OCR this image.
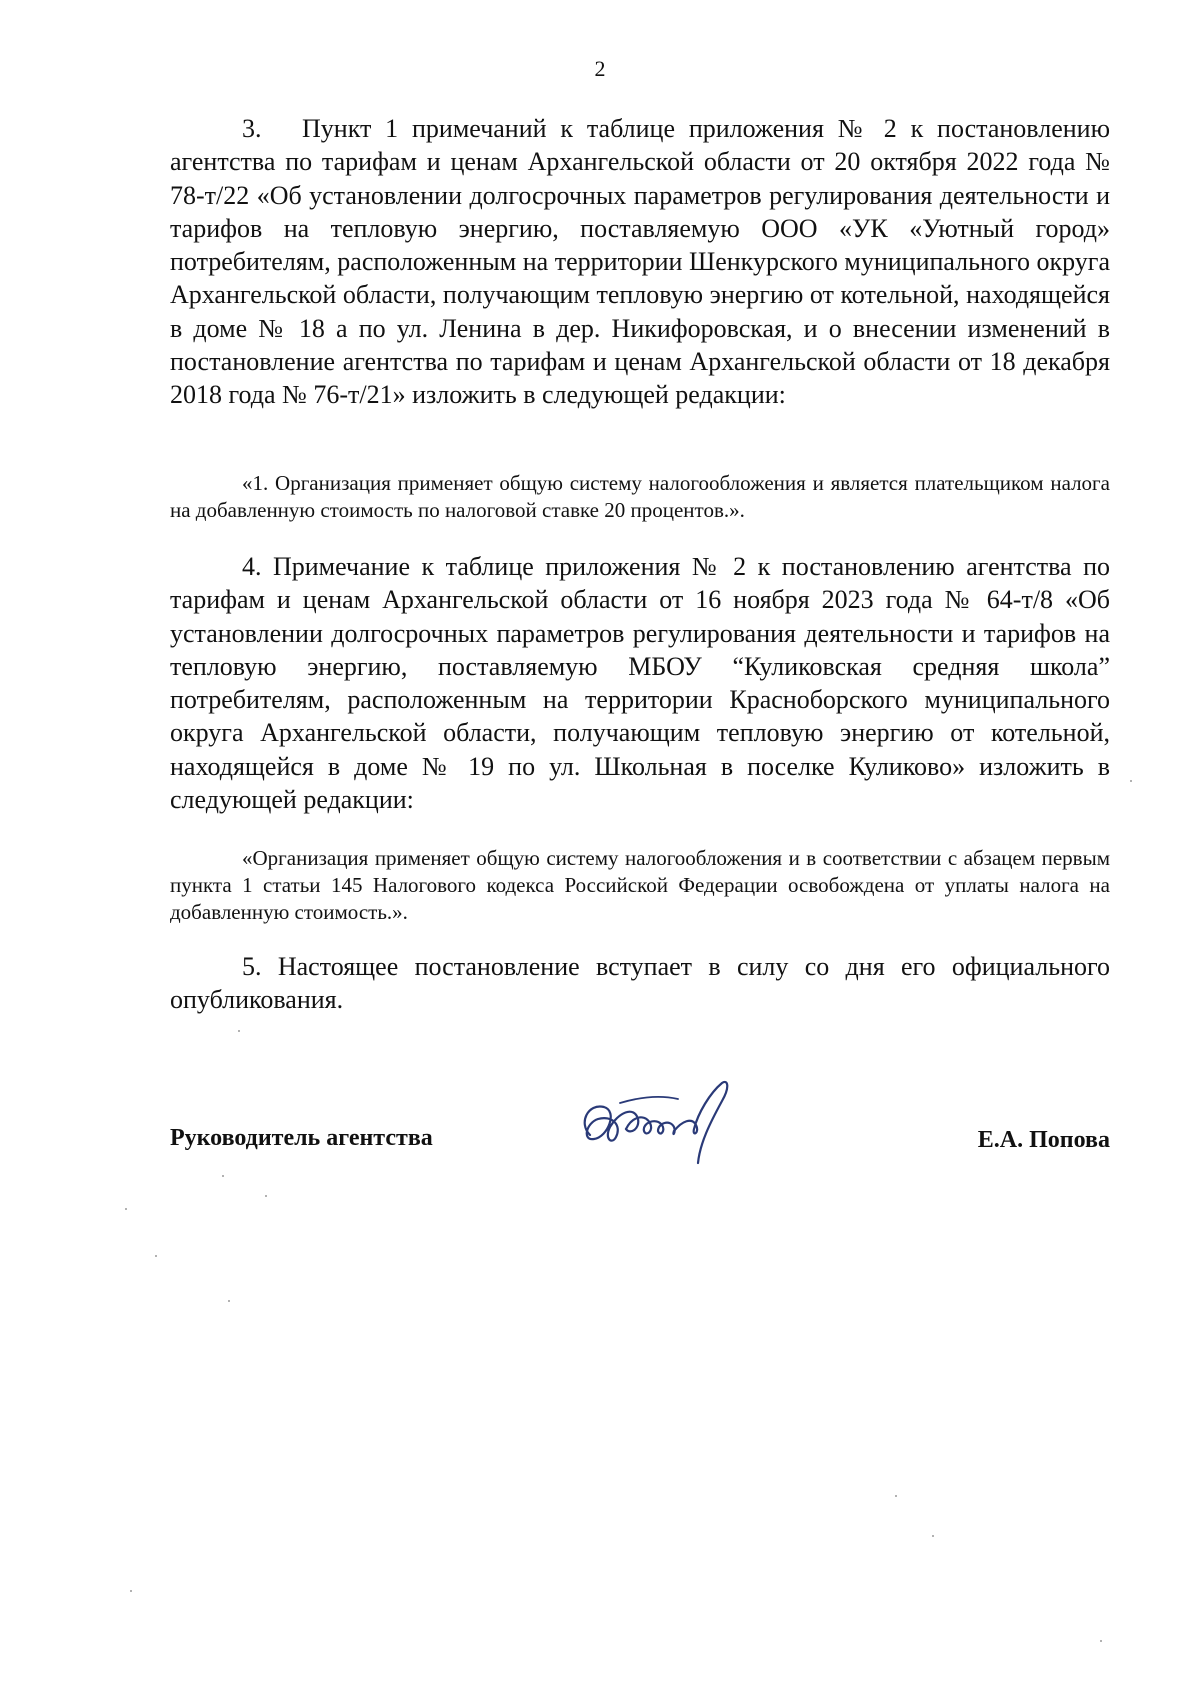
2
3. Пункт 1 примечаний к таблице приложения № 2 к постановлению агентства по тарифам и ценам Архангельской области от 20 октября 2022 года № 78-т/22 «Об установлении долгосрочных параметров регулирования деятельности и тарифов на тепловую энергию, поставляемую ООО «УК «Уютный город» потребителям, расположенным на территории Шенкурского муниципального округа Архангельской области, получающим тепловую энергию от котельной, находящейся в доме № 18 а по ул. Ленина в дер. Никифоровская, и о внесении изменений в постановление агентства по тарифам и ценам Архангельской области от 18 декабря 2018 года № 76-т/21» изложить в следующей редакции:
«1. Организация применяет общую систему налогообложения и является плательщиком налога на добавленную стоимость по налоговой ставке 20 процентов.».
4. Примечание к таблице приложения № 2 к постановлению агентства по тарифам и ценам Архангельской области от 16 ноября 2023 года № 64-т/8 «Об установлении долгосрочных параметров регулирования деятельности и тарифов на тепловую энергию, поставляемую МБОУ “Куликовская средняя школа” потребителям, расположенным на территории Красноборского муниципального округа Архангельской области, получающим тепловую энергию от котельной, находящейся в доме № 19 по ул. Школьная в поселке Куликово» изложить в следующей редакции:
«Организация применяет общую систему налогообложения и в соответствии с абзацем первым пункта 1 статьи 145 Налогового кодекса Российской Федерации освобождена от уплаты налога на добавленную стоимость.».
5. Настоящее постановление вступает в силу со дня его официального опубликования.
Руководитель агентства	Е.А. Попова
